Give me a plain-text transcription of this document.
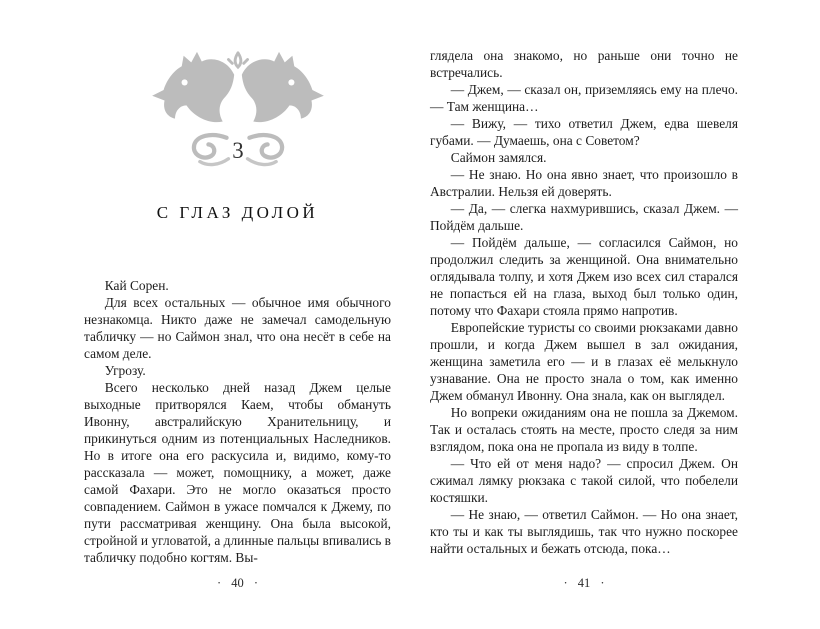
3
С ГЛАЗ ДОЛОЙ

Кай Сорен.

Для всех остальных — обычное имя обычного незнакомца. Никто даже не замечал самодельную табличку — но Саймон знал, что она несёт в себе на самом деле.

Угрозу.

Всего несколько дней назад Джем целые выходные притворялся Каем, чтобы обмануть Ивонну, австралийскую Хранительницу, и прикинуться одним из потенциальных Наследников. Но в итоге она его раскусила и, видимо, кому-то рассказала — может, помощнику, а может, даже самой Фахари. Это не могло оказаться просто совпадением. Саймон в ужасе помчался к Джему, по пути рассматривая женщину. Она была высокой, стройной и угловатой, а длинные пальцы впивались в табличку подобно когтям. Вы-

· 40 ·

глядела она знакомо, но раньше они точно не встречались.

— Джем, — сказал он, приземляясь ему на плечо. — Там женщина…

— Вижу, — тихо ответил Джем, едва шевеля губами. — Думаешь, она с Советом?

Саймон замялся.

— Не знаю. Но она явно знает, что произошло в Австралии. Нельзя ей доверять.

— Да, — слегка нахмурившись, сказал Джем. — Пойдём дальше.

— Пойдём дальше, — согласился Саймон, но продолжил следить за женщиной. Она внимательно оглядывала толпу, и хотя Джем изо всех сил старался не попасться ей на глаза, выход был только один, потому что Фахари стояла прямо напротив.

Европейские туристы со своими рюкзаками давно прошли, и когда Джем вышел в зал ожидания, женщина заметила его — и в глазах её мелькнуло узнавание. Она не просто знала о том, как именно Джем обманул Ивонну. Она знала, как он выглядел.

Но вопреки ожиданиям она не пошла за Джемом. Так и осталась стоять на месте, просто следя за ним взглядом, пока она не пропала из виду в толпе.

— Что ей от меня надо? — спросил Джем. Он сжимал лямку рюкзака с такой силой, что побелели костяшки.

— Не знаю, — ответил Саймон. — Но она знает, кто ты и как ты выглядишь, так что нужно поскорее найти остальных и бежать отсюда, пока…

· 41 ·
